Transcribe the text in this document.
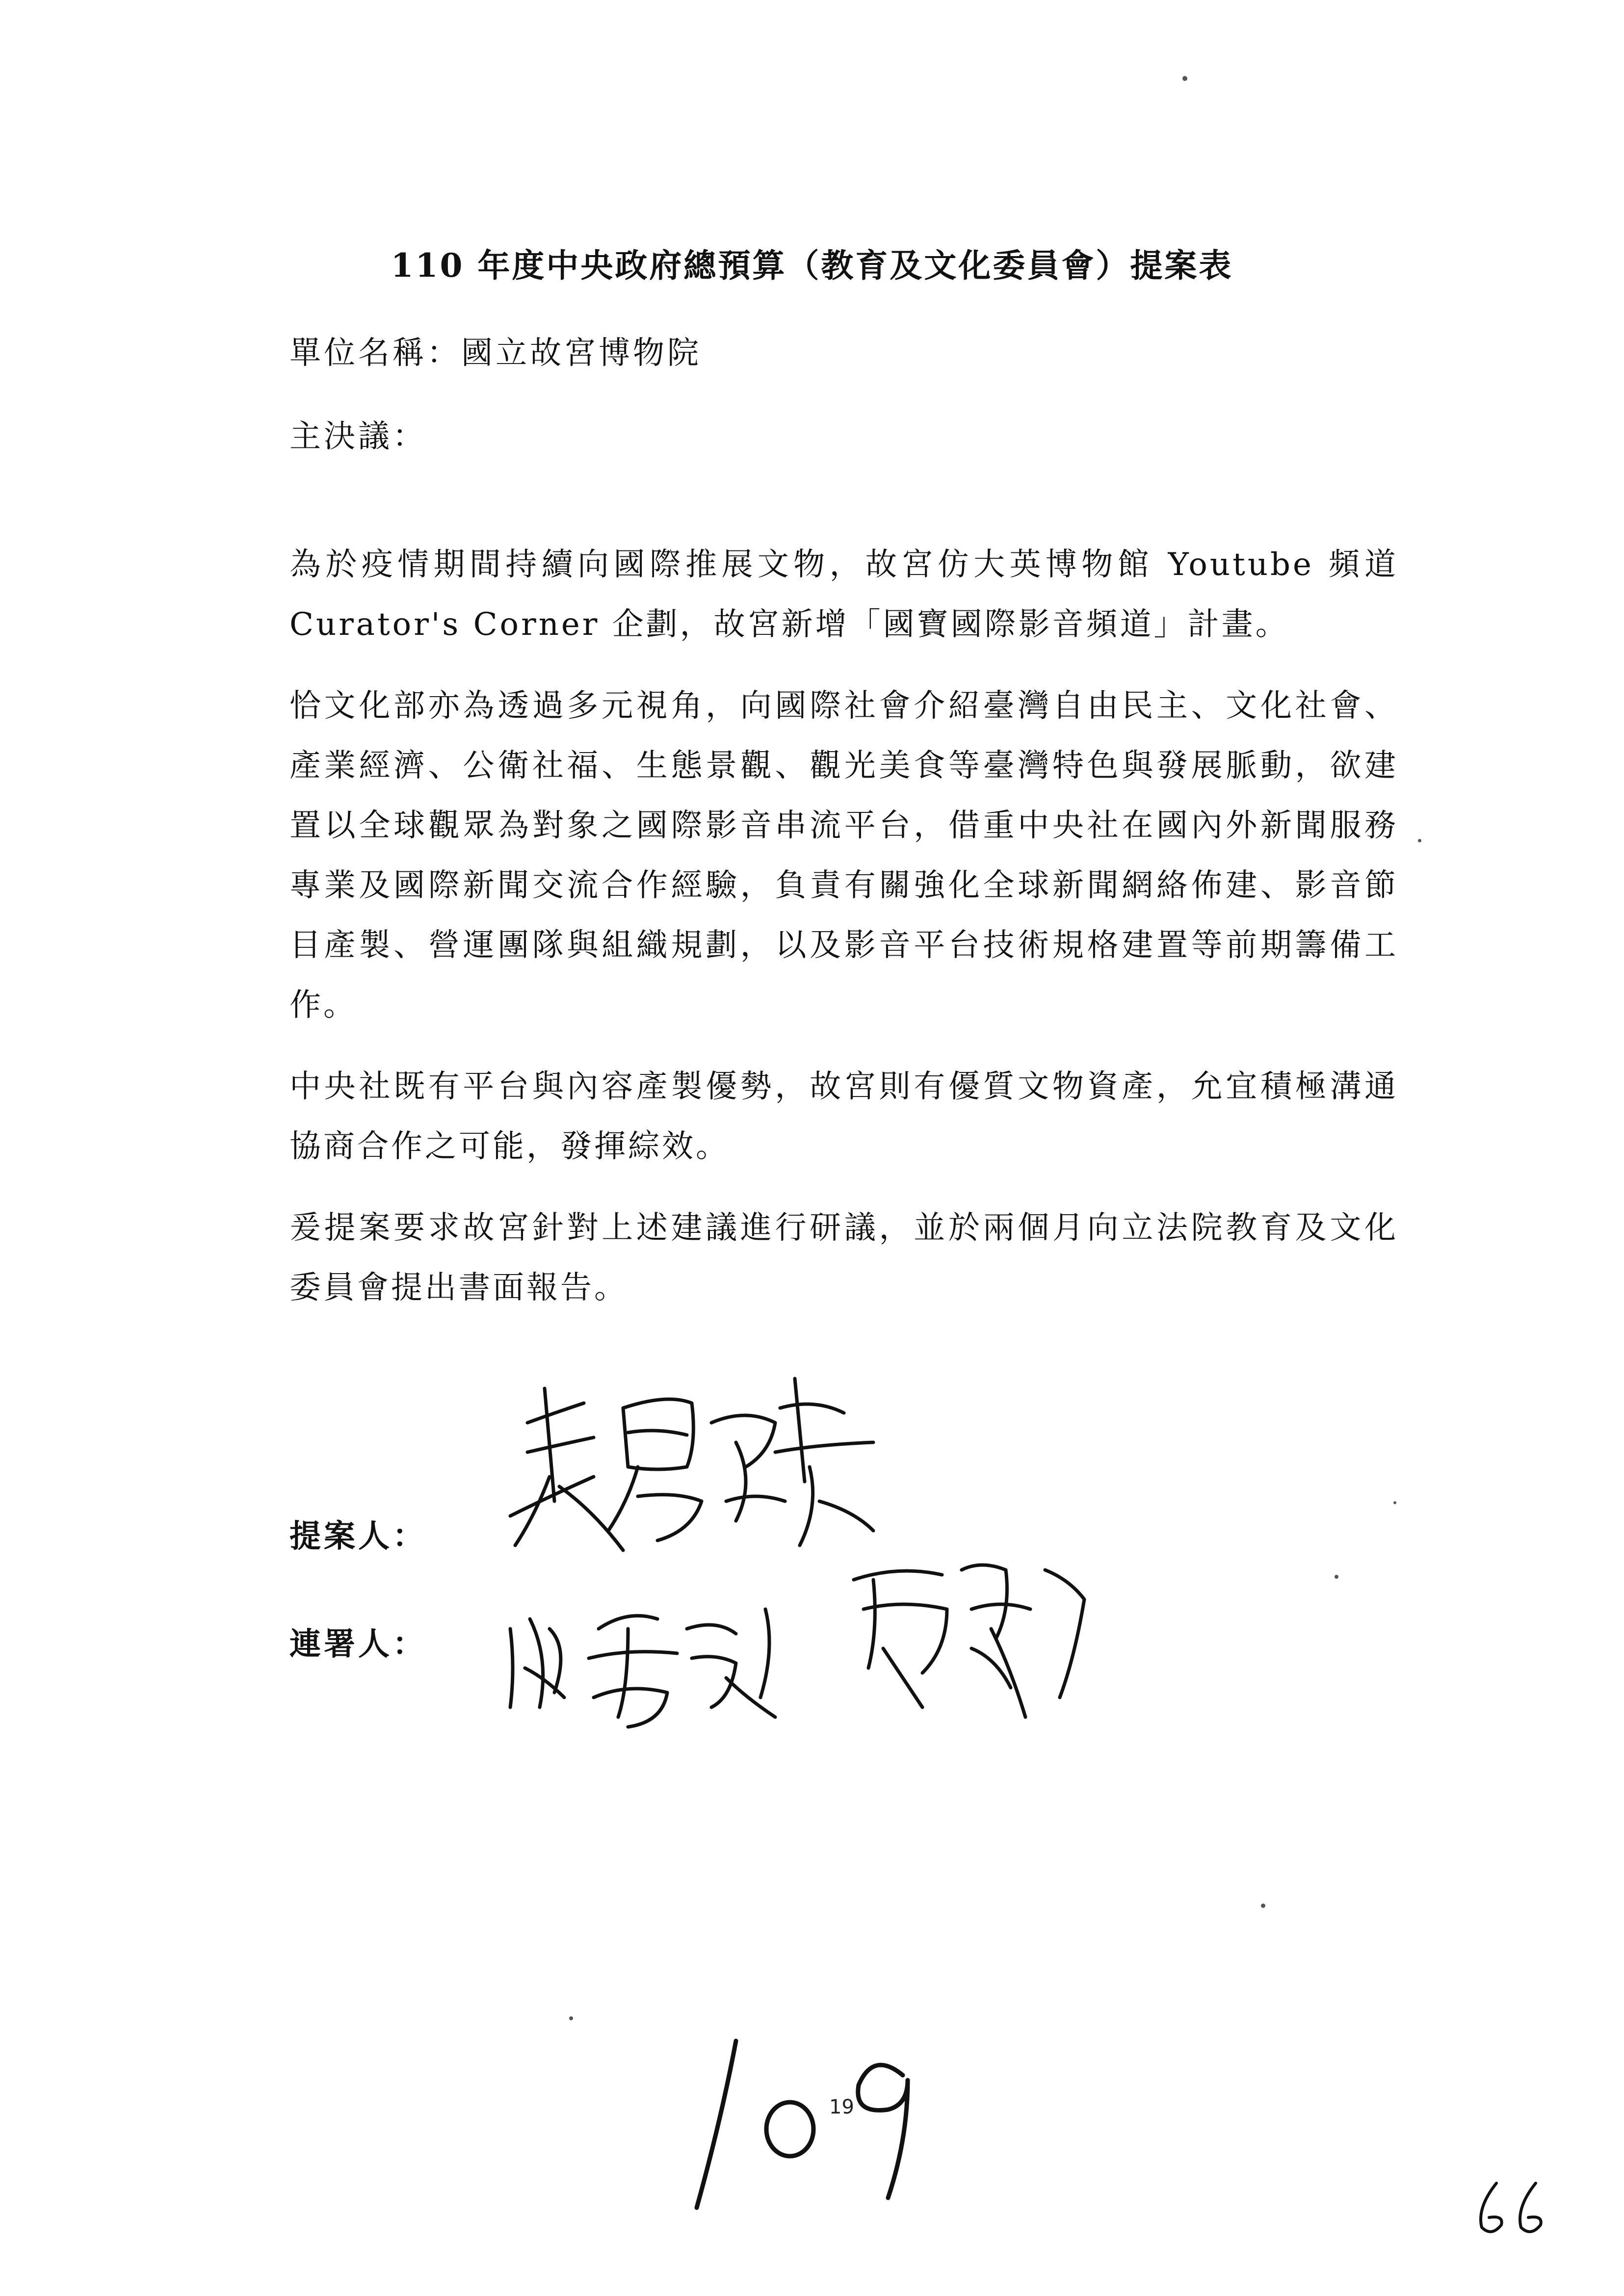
110 年度中央政府總預算（教育及文化委員會）提案表

單位名稱：國立故宮博物院

主決議：

為於疫情期間持續向國際推展文物，故宮仿大英博物館 Youtube 頻道 Curator's Corner 企劃，故宮新增「國寶國際影音頻道」計畫。

恰文化部亦為透過多元視角，向國際社會介紹臺灣自由民主、文化社會、產業經濟、公衛社福、生態景觀、觀光美食等臺灣特色與發展脈動，欲建置以全球觀眾為對象之國際影音串流平台，借重中央社在國內外新聞服務專業及國際新聞交流合作經驗，負責有關強化全球新聞網絡佈建、影音節目產製、營運團隊與組織規劃，以及影音平台技術規格建置等前期籌備工作。

中央社既有平台與內容產製優勢，故宮則有優質文物資產，允宜積極溝通協商合作之可能，發揮綜效。

爰提案要求故宮針對上述建議進行研議，並於兩個月向立法院教育及文化委員會提出書面報告。

提案人：

連署人：

19
